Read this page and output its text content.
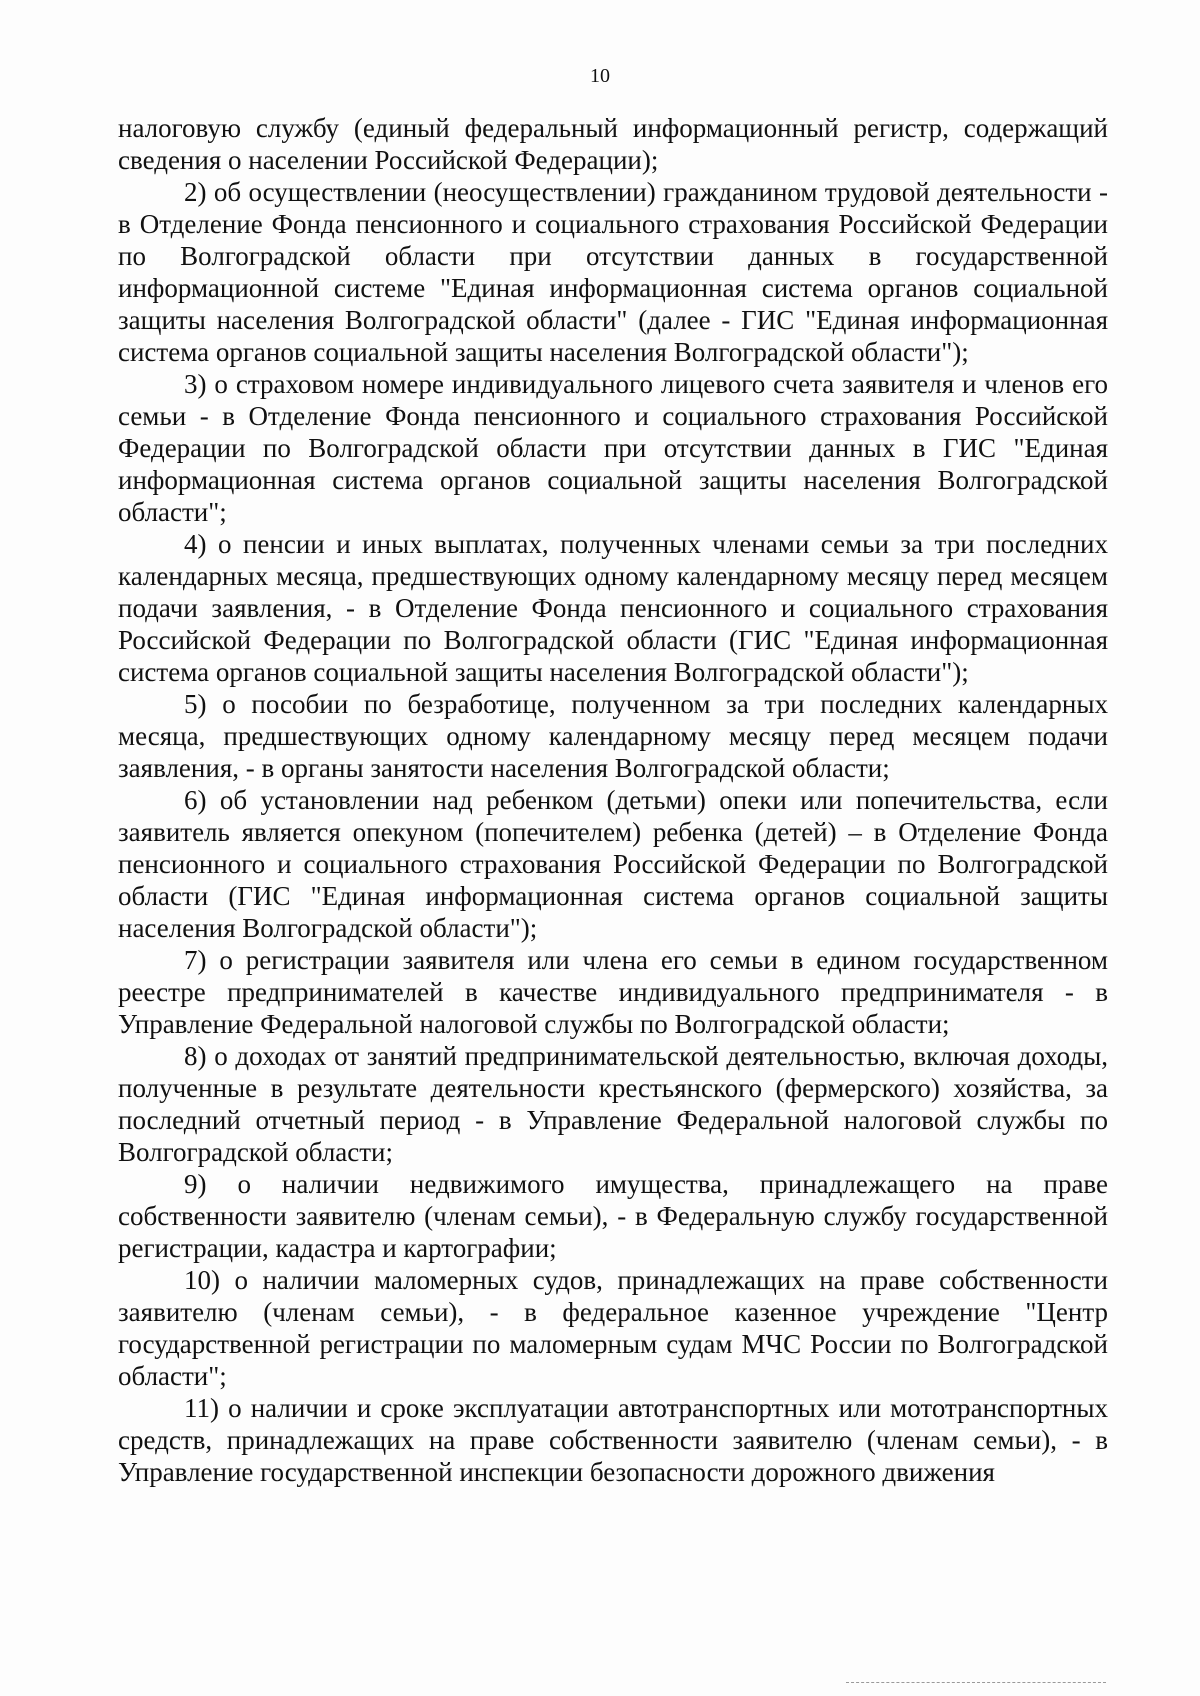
10

налоговую службу (единый федеральный информационный регистр, содержащий сведения о населении Российской Федерации);

2) об осуществлении (неосуществлении) гражданином трудовой деятельности - в Отделение Фонда пенсионного и социального страхования Российской Федерации по Волгоградской области при отсутствии данных в государственной информационной системе "Единая информационная система органов социальной защиты населения Волгоградской области" (далее - ГИС "Единая информационная система органов социальной защиты населения Волгоградской области");

3) о страховом номере индивидуального лицевого счета заявителя и членов его семьи - в Отделение Фонда пенсионного и социального страхования Российской Федерации по Волгоградской области при отсутствии данных в ГИС "Единая информационная система органов социальной защиты населения Волгоградской области";

4) о пенсии и иных выплатах, полученных членами семьи за три последних календарных месяца, предшествующих одному календарному месяцу перед месяцем подачи заявления, - в Отделение Фонда пенсионного и социального страхования Российской Федерации по Волгоградской области (ГИС "Единая информационная система органов социальной защиты населения Волгоградской области");

5) о пособии по безработице, полученном за три последних календарных месяца, предшествующих одному календарному месяцу перед месяцем подачи заявления, - в органы занятости населения Волгоградской области;

6) об установлении над ребенком (детьми) опеки или попечительства, если заявитель является опекуном (попечителем) ребенка (детей) – в Отделение Фонда пенсионного и социального страхования Российской Федерации по Волгоградской области (ГИС "Единая информационная система органов социальной защиты населения Волгоградской области");

7) о регистрации заявителя или члена его семьи в едином государственном реестре предпринимателей в качестве индивидуального предпринимателя - в Управление Федеральной налоговой службы по Волгоградской области;

8) о доходах от занятий предпринимательской деятельностью, включая доходы, полученные в результате деятельности крестьянского (фермерского) хозяйства, за последний отчетный период - в Управление Федеральной налоговой службы по Волгоградской области;

9) о наличии недвижимого имущества, принадлежащего на праве собственности заявителю (членам семьи), - в Федеральную службу государственной регистрации, кадастра и картографии;

10) о наличии маломерных судов, принадлежащих на праве собственности заявителю (членам семьи), - в федеральное казенное учреждение "Центр государственной регистрации по маломерным судам МЧС России по Волгоградской области";

11) о наличии и сроке эксплуатации автотранспортных или мототранспортных средств, принадлежащих на праве собственности заявителю (членам семьи), - в Управление государственной инспекции безопасности дорожного движения
